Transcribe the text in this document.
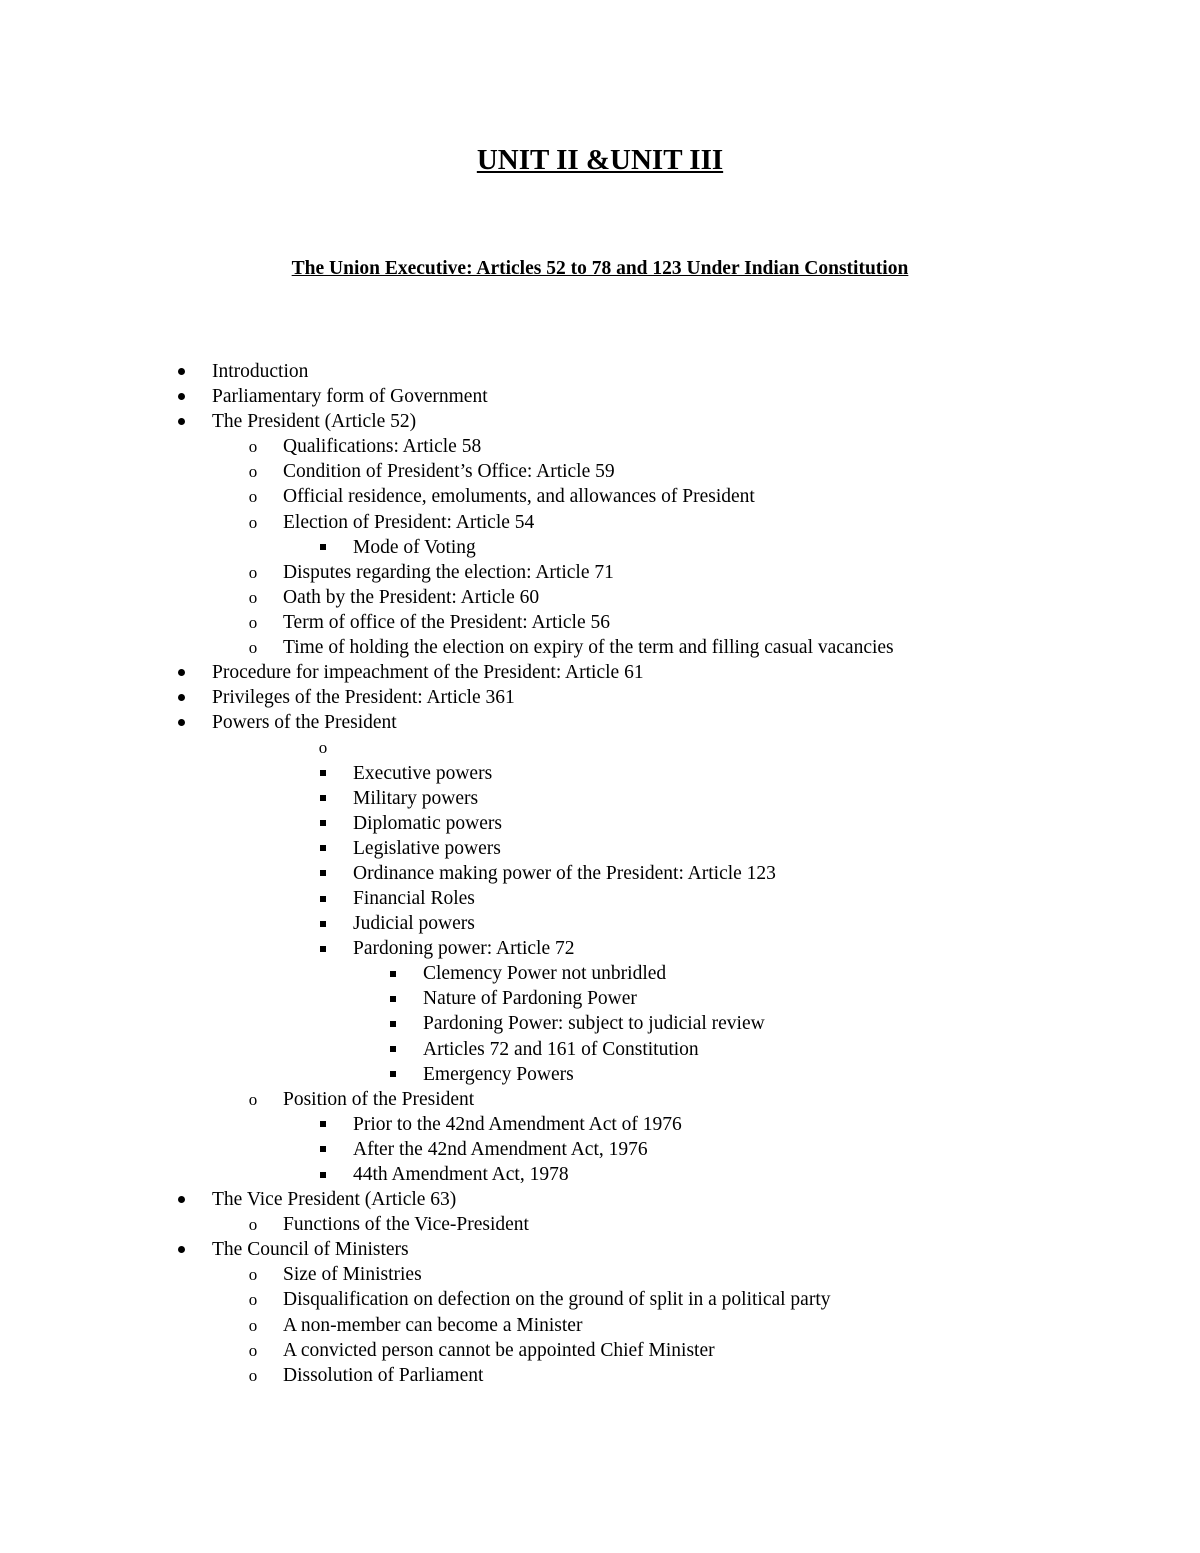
UNIT II &UNIT III
The Union Executive: Articles 52 to 78 and 123 Under Indian Constitution
Introduction
Parliamentary form of Government
The President (Article 52)
o Qualifications: Article 58
o Condition of President’s Office: Article 59
o Official residence, emoluments, and allowances of President
o Election of President: Article 54
Mode of Voting
o Disputes regarding the election: Article 71
o Oath by the President: Article 60
o Term of office of the President: Article 56
o Time of holding the election on expiry of the term and filling casual vacancies
Procedure for impeachment of the President: Article 61
Privileges of the President: Article 361
Powers of the President
o
Executive powers
Military powers
Diplomatic powers
Legislative powers
Ordinance making power of the President: Article 123
Financial Roles
Judicial powers
Pardoning power: Article 72
Clemency Power not unbridled
Nature of Pardoning Power
Pardoning Power: subject to judicial review
Articles 72 and 161 of Constitution
Emergency Powers
o Position of the President
Prior to the 42nd Amendment Act of 1976
After the 42nd Amendment Act, 1976
44th Amendment Act, 1978
The Vice President (Article 63)
o Functions of the Vice-President
The Council of Ministers
o Size of Ministries
o Disqualification on defection on the ground of split in a political party
o A non-member can become a Minister
o A convicted person cannot be appointed Chief Minister
o Dissolution of Parliament
